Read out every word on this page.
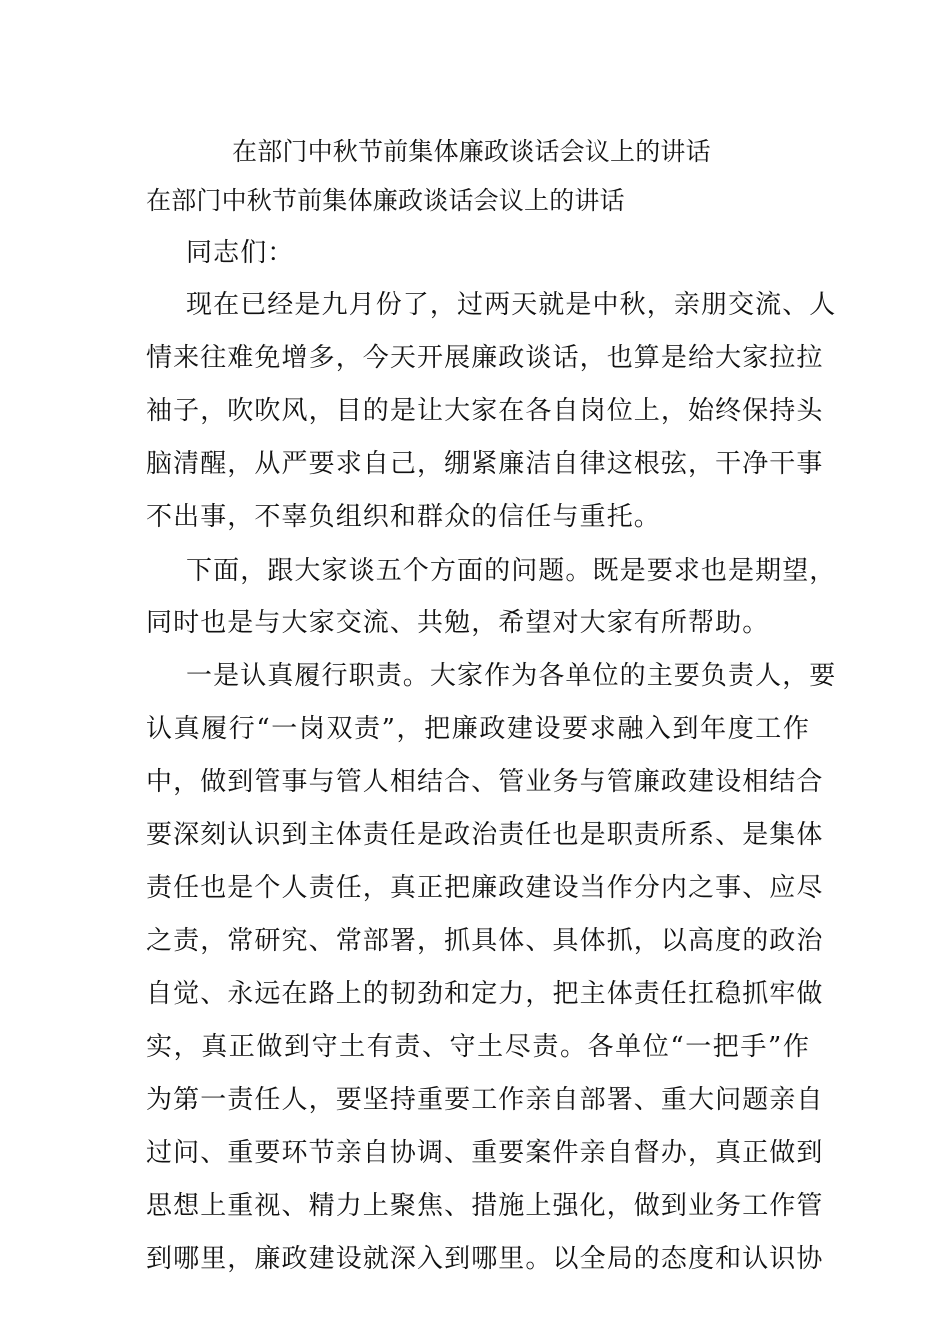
在部门中秋节前集体廉政谈话会议上的讲话
在部门中秋节前集体廉政谈话会议上的讲话
同志们：
现在已经是九月份了，过两天就是中秋，亲朋交流、人
情来往难免增多，今天开展廉政谈话，也算是给大家拉拉
袖子，吹吹风，目的是让大家在各自岗位上，始终保持头
脑清醒，从严要求自己，绷紧廉洁自律这根弦，干净干事
不出事，不辜负组织和群众的信任与重托。
下面，跟大家谈五个方面的问题。既是要求也是期望，
同时也是与大家交流、共勉，希望对大家有所帮助。
一是认真履行职责。大家作为各单位的主要负责人，要
认真履行“一岗双责”，把廉政建设要求融入到年度工作
中，做到管事与管人相结合、管业务与管廉政建设相结合
要深刻认识到主体责任是政治责任也是职责所系、是集体
责任也是个人责任，真正把廉政建设当作分内之事、应尽
之责，常研究、常部署，抓具体、具体抓，以高度的政治
自觉、永远在路上的韧劲和定力，把主体责任扛稳抓牢做
实，真正做到守土有责、守土尽责。各单位“一把手”作
为第一责任人，要坚持重要工作亲自部署、重大问题亲自
过问、重要环节亲自协调、重要案件亲自督办，真正做到
思想上重视、精力上聚焦、措施上强化，做到业务工作管
到哪里，廉政建设就深入到哪里。以全局的态度和认识协
